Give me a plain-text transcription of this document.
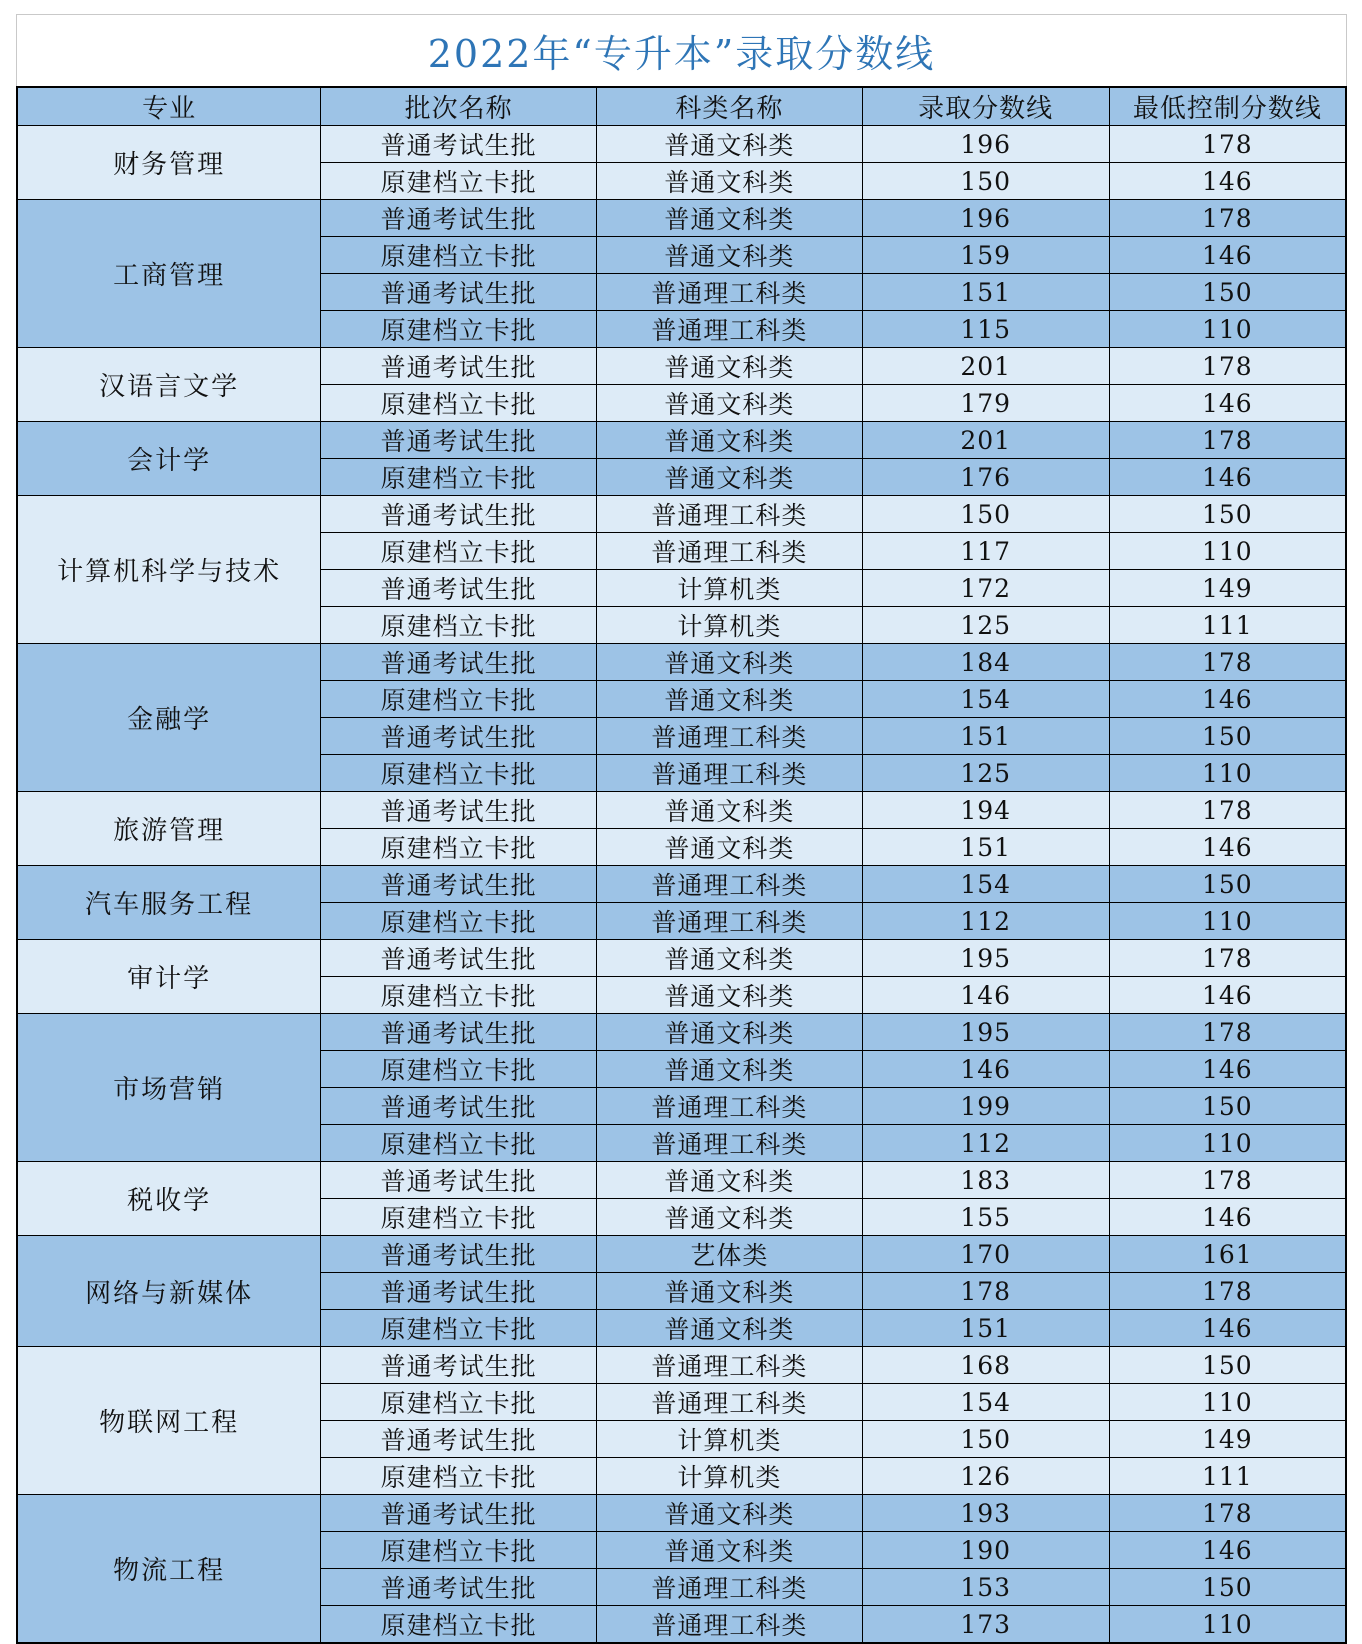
2022年“专升本”录取分数线
专业	批次名称	科类名称	录取分数线	最低控制分数线
财务管理	普通考试生批	普通文科类	196	178
	原建档立卡批	普通文科类	150	146
工商管理	普通考试生批	普通文科类	196	178
	原建档立卡批	普通文科类	159	146
	普通考试生批	普通理工科类	151	150
	原建档立卡批	普通理工科类	115	110
汉语言文学	普通考试生批	普通文科类	201	178
	原建档立卡批	普通文科类	179	146
会计学	普通考试生批	普通文科类	201	178
	原建档立卡批	普通文科类	176	146
计算机科学与技术	普通考试生批	普通理工科类	150	150
	原建档立卡批	普通理工科类	117	110
	普通考试生批	计算机类	172	149
	原建档立卡批	计算机类	125	111
金融学	普通考试生批	普通文科类	184	178
	原建档立卡批	普通文科类	154	146
	普通考试生批	普通理工科类	151	150
	原建档立卡批	普通理工科类	125	110
旅游管理	普通考试生批	普通文科类	194	178
	原建档立卡批	普通文科类	151	146
汽车服务工程	普通考试生批	普通理工科类	154	150
	原建档立卡批	普通理工科类	112	110
审计学	普通考试生批	普通文科类	195	178
	原建档立卡批	普通文科类	146	146
市场营销	普通考试生批	普通文科类	195	178
	原建档立卡批	普通文科类	146	146
	普通考试生批	普通理工科类	199	150
	原建档立卡批	普通理工科类	112	110
税收学	普通考试生批	普通文科类	183	178
	原建档立卡批	普通文科类	155	146
网络与新媒体	普通考试生批	艺体类	170	161
	普通考试生批	普通文科类	178	178
	原建档立卡批	普通文科类	151	146
物联网工程	普通考试生批	普通理工科类	168	150
	原建档立卡批	普通理工科类	154	110
	普通考试生批	计算机类	150	149
	原建档立卡批	计算机类	126	111
物流工程	普通考试生批	普通文科类	193	178
	原建档立卡批	普通文科类	190	146
	普通考试生批	普通理工科类	153	150
	原建档立卡批	普通理工科类	173	110
